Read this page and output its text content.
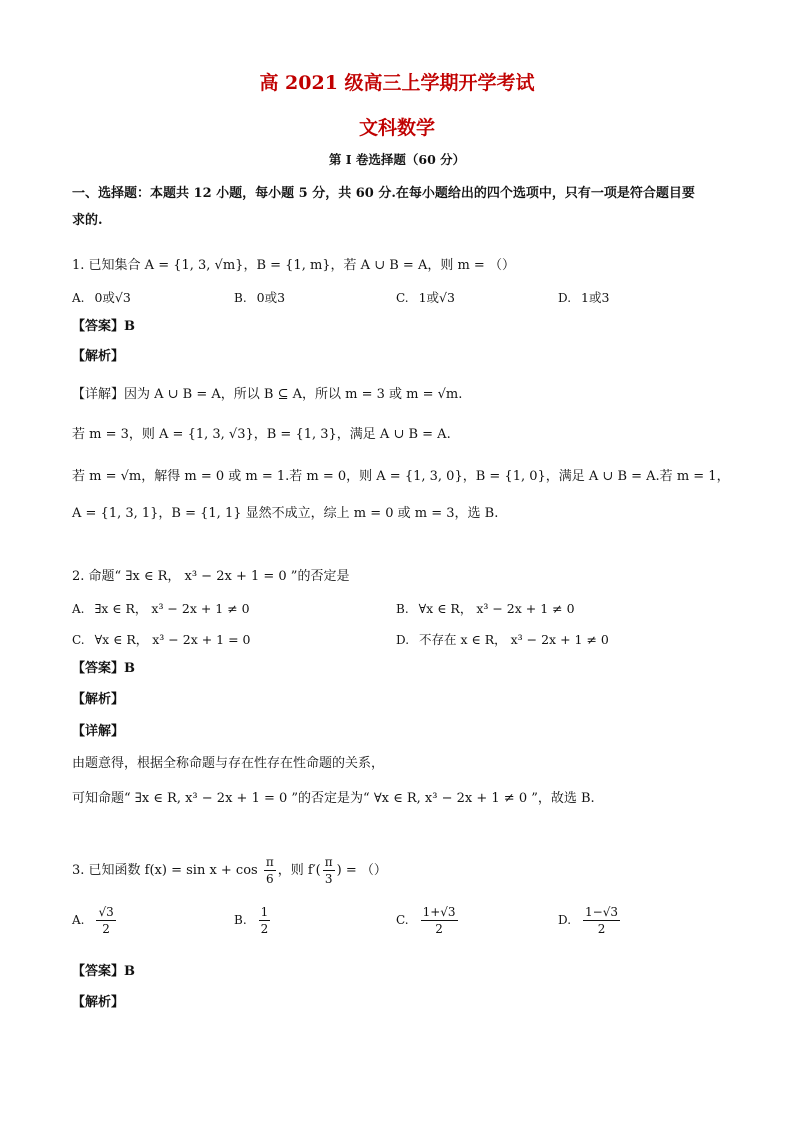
高 2021 级高三上学期开学考试
文科数学
第 I 卷选择题（60 分）
一、选择题：本题共 12 小题，每小题 5 分，共 60 分.在每小题给出的四个选项中，只有一项是符合题目要
求的.
1. 已知集合 A = {1, 3, √m}，B = {1, m}，若 A ∪ B = A，则 m = （）
A. 0或√3	B. 0或3	C. 1或√3	D. 1或3
【答案】B
【解析】
【详解】因为 A ∪ B = A，所以 B ⊆ A，所以 m = 3 或 m = √m.
若 m = 3，则 A = {1, 3, √3}，B = {1, 3}，满足 A ∪ B = A.
若 m = √m，解得 m = 0 或 m = 1.若 m = 0，则 A = {1, 3, 0}，B = {1, 0}，满足 A ∪ B = A.若 m = 1，
A = {1, 3, 1}，B = {1, 1} 显然不成立，综上 m = 0 或 m = 3，选 B.
2. 命题“ ∃x ∈ R， x³ − 2x + 1 = 0 ”的否定是
A. ∃x ∈ R， x³ − 2x + 1 ≠ 0	B. ∀x ∈ R， x³ − 2x + 1 ≠ 0
C. ∀x ∈ R， x³ − 2x + 1 = 0	D. 不存在 x ∈ R， x³ − 2x + 1 ≠ 0
【答案】B
【解析】
【详解】
由题意得，根据全称命题与存在性存在性命题的关系，
可知命题“ ∃x ∈ R, x³ − 2x + 1 = 0 ”的否定是为“ ∀x ∈ R, x³ − 2x + 1 ≠ 0 ”，故选 B.
3. 已知函数 $f(x) = \sin x + \cos \frac{\pi}{6}$ ，则 $f'( \frac{\pi}{3}$ ) = （）
A. $\frac{√3}{2}$	B. $\frac{1}{2}$	C. $\frac{1+√3}{2}$	D. $\frac{1-√3}{2}$
【答案】B
【解析】
